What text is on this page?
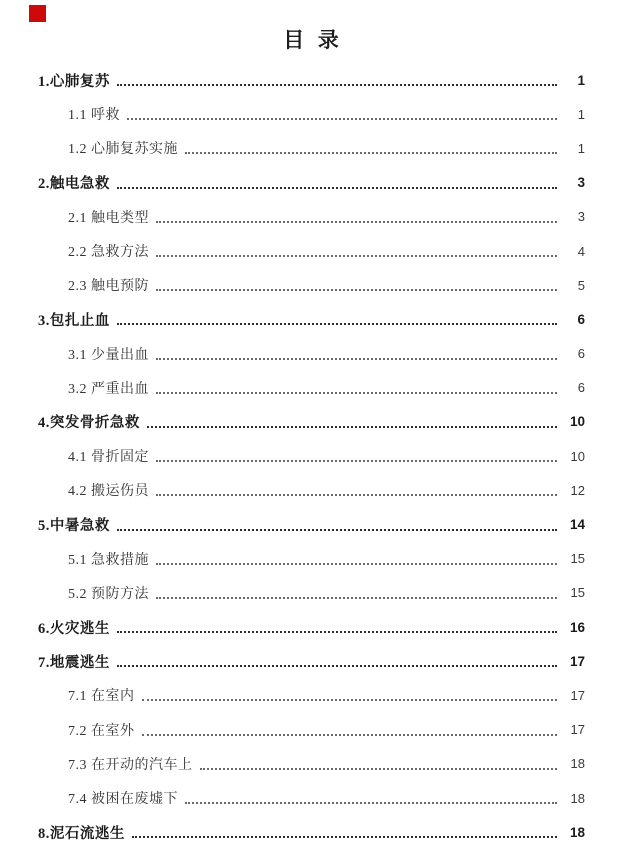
目  录
1.心肺复苏	1
1.1 呼救	1
1.2 心肺复苏实施	1
2.触电急救	3
2.1 触电类型	3
2.2 急救方法	4
2.3 触电预防	5
3.包扎止血	6
3.1 少量出血	6
3.2 严重出血	6
4.突发骨折急救	10
4.1 骨折固定	10
4.2 搬运伤员	12
5.中暑急救	14
5.1 急救措施	15
5.2 预防方法	15
6.火灾逃生	16
7.地震逃生	17
7.1 在室内	17
7.2 在室外	17
7.3 在开动的汽车上	18
7.4 被困在废墟下	18
8.泥石流逃生	18
